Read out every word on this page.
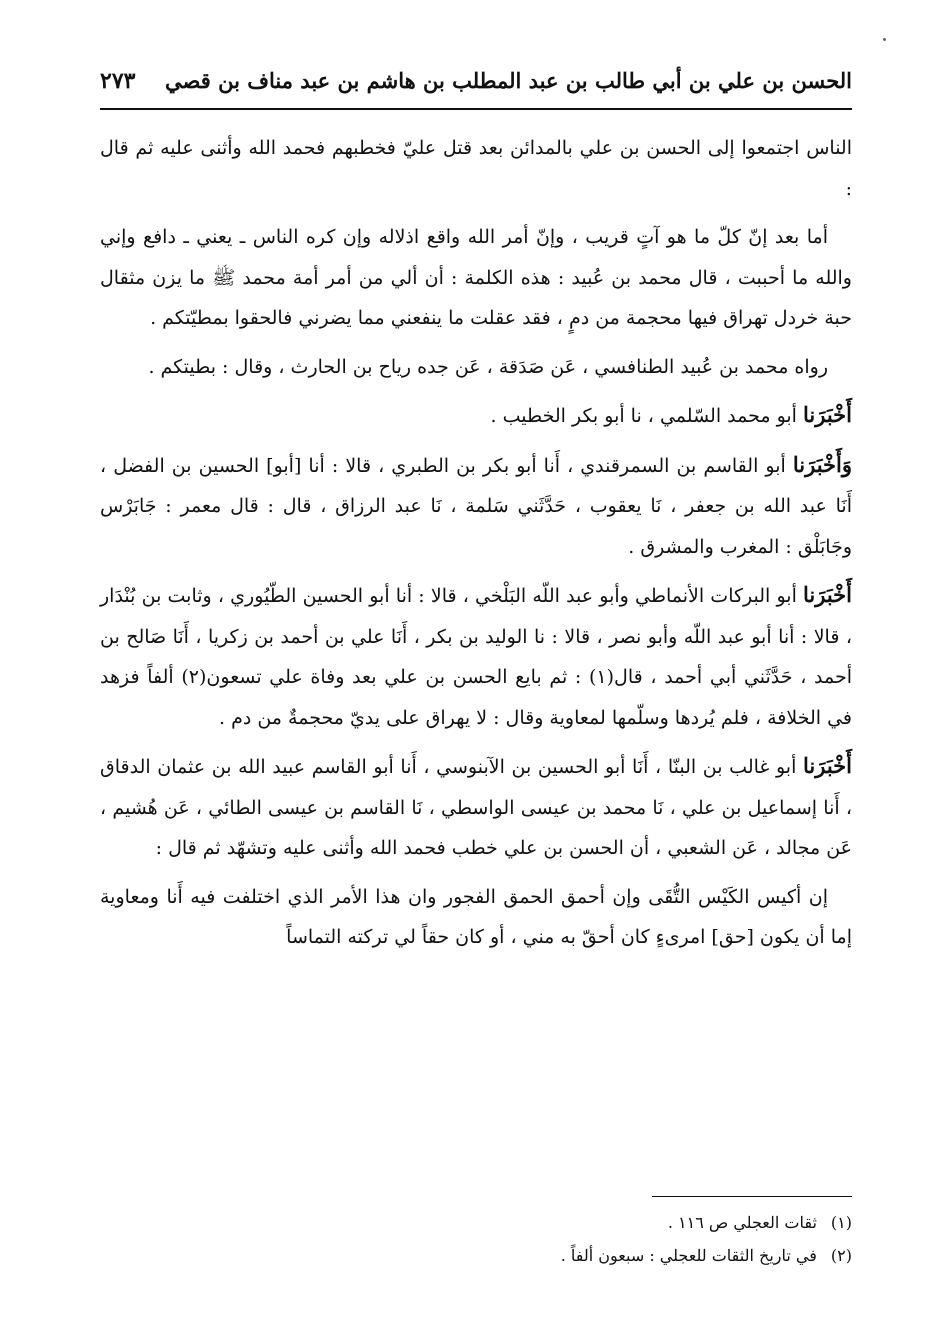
الحسن بن علي بن أبي طالب بن عبد المطلب بن هاشم بن عبد مناف بن قصي
٢٧٣

الناس اجتمعوا إلى الحسن بن علي بالمدائن بعد قتل عليّ فخطبهم فحمد الله وأثنى عليه ثم قال :

أما بعد إنّ كلّ ما هو آتٍ قريب ، وإنّ أمر الله واقع اذلاله وإن كره الناس ـ يعني ـ دافع وإني والله ما أحببت ، قال محمد بن عُبيد : هذه الكلمة : أن ألي من أمر أمة محمد ﷺ ما يزن مثقال حبة خردل تهراق فيها محجمة من دمٍ ، فقد عقلت ما ينفعني مما يضرني فالحقوا بمطيّتكم .

رواه محمد بن عُبيد الطنافسي ، عَن صَدَقة ، عَن جده رياح بن الحارث ، وقال : بطيتكم .

أَخْبَرَنا أبو محمد السّلمي ، نا أبو بكر الخطيب .

وَأَخْبَرَنا أبو القاسم بن السمرقندي ، أَنا أبو بكر بن الطبري ، قالا : أنا [أبو] الحسين بن الفضل ، أَنَا عبد الله بن جعفر ، نَا يعقوب ، حَدَّثَني سَلمة ، نَا عبد الرزاق ، قال : قال معمر : جَابَرْس وجَابَلْق : المغرب والمشرق .

أَخْبَرَنا أبو البركات الأنماطي وأبو عبد اللّه البَلْخي ، قالا : أنا أبو الحسين الطّيُوري ، وثابت بن بُنْدَار ، قالا : أنا أبو عبد اللّه وأبو نصر ، قالا : نا الوليد بن بكر ، أَنَا علي بن أحمد بن زكريا ، أَنَا صَالح بن أحمد ، حَدَّثَني أبي أحمد ، قال(١) : ثم بايع الحسن بن علي بعد وفاة علي تسعون(٢) ألفاً فزهد في الخلافة ، فلم يُردها وسلّمها لمعاوية وقال : لا يهراق على يديّ محجمةٌ من دم .

أَخْبَرَنا أبو غالب بن البنّا ، أَنَا أبو الحسين بن الآبنوسي ، أَنا أبو القاسم عبيد الله بن عثمان الدقاق ، أَنا إسماعيل بن علي ، نَا محمد بن عيسى الواسطي ، نَا القاسم بن عيسى الطائي ، عَن هُشيم ، عَن مجالد ، عَن الشعبي ، أن الحسن بن علي خطب فحمد الله وأثنى عليه وتشهّد ثم قال :

إن أكيس الكَيْس التُّقَى وإن أحمق الحمق الفجور وان هذا الأمر الذي اختلفت فيه أَنا ومعاوية إما أن يكون [حق] امرىءٍ كان أحقّ به مني ، أو كان حقاً لي تركته التماساً

(١) ثقات العجلي ص ١١٦ .

(٢) في تاريخ الثقات للعجلي : سبعون ألفاً .
